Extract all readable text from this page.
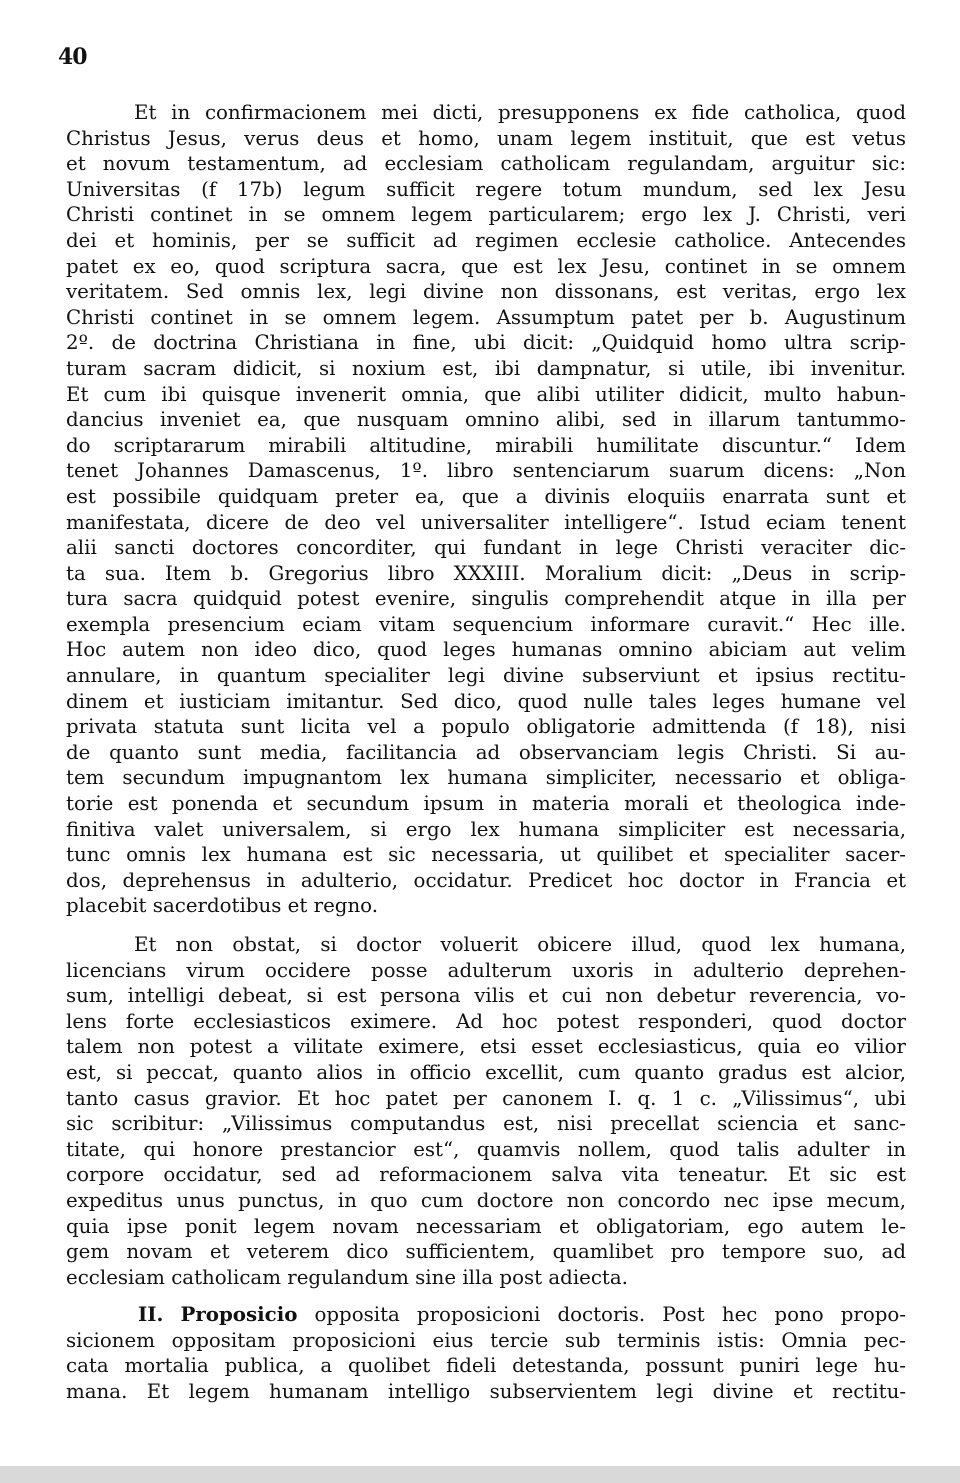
40
Et in confirmacionem mei dicti, presupponens ex fide catholica, quod
Christus Jesus, verus deus et homo, unam legem instituit, que est vetus
et novum testamentum, ad ecclesiam catholicam regulandam, arguitur sic:
Universitas (f 17b) legum sufficit regere totum mundum, sed lex Jesu
Christi continet in se omnem legem particularem; ergo lex J. Christi, veri
dei et hominis, per se sufficit ad regimen ecclesie catholice. Antecendes
patet ex eo, quod scriptura sacra, que est lex Jesu, continet in se omnem
veritatem. Sed omnis lex, legi divine non dissonans, est veritas, ergo lex
Christi continet in se omnem legem. Assumptum patet per b. Augustinum
2º. de doctrina Christiana in fine, ubi dicit: „Quidquid homo ultra scrip-
turam sacram didicit, si noxium est, ibi dampnatur, si utile, ibi invenitur.
Et cum ibi quisque invenerit omnia, que alibi utiliter didicit, multo habun-
dancius inveniet ea, que nusquam omnino alibi, sed in illarum tantummo-
do scriptararum mirabili altitudine, mirabili humilitate discuntur.“ Idem
tenet Johannes Damascenus, 1º. libro sentenciarum suarum dicens: „Non
est possibile quidquam preter ea, que a divinis eloquiis enarrata sunt et
manifestata, dicere de deo vel universaliter intelligere“. Istud eciam tenent
alii sancti doctores concorditer, qui fundant in lege Christi veraciter dic-
ta sua. Item b. Gregorius libro XXXIII. Moralium dicit: „Deus in scrip-
tura sacra quidquid potest evenire, singulis comprehendit atque in illa per
exempla presencium eciam vitam sequencium informare curavit.“ Hec ille.
Hoc autem non ideo dico, quod leges humanas omnino abiciam aut velim
annulare, in quantum specialiter legi divine subserviunt et ipsius rectitu-
dinem et iusticiam imitantur. Sed dico, quod nulle tales leges humane vel
privata statuta sunt licita vel a populo obligatorie admittenda (f 18), nisi
de quanto sunt media, facilitancia ad observanciam legis Christi. Si au-
tem secundum impugnantom lex humana simpliciter, necessario et obliga-
torie est ponenda et secundum ipsum in materia morali et theologica inde-
finitiva valet universalem, si ergo lex humana simpliciter est necessaria,
tunc omnis lex humana est sic necessaria, ut quilibet et specialiter sacer-
dos, deprehensus in adulterio, occidatur. Predicet hoc doctor in Francia et
placebit sacerdotibus et regno.
Et non obstat, si doctor voluerit obicere illud, quod lex humana,
licencians virum occidere posse adulterum uxoris in adulterio deprehen-
sum, intelligi debeat, si est persona vilis et cui non debetur reverencia, vo-
lens forte ecclesiasticos eximere. Ad hoc potest responderi, quod doctor
talem non potest a vilitate eximere, etsi esset ecclesiasticus, quia eo vilior
est, si peccat, quanto alios in officio excellit, cum quanto gradus est alcior,
tanto casus gravior. Et hoc patet per canonem I. q. 1 c. „Vilissimus“, ubi
sic scribitur: „Vilissimus computandus est, nisi precellat sciencia et sanc-
titate, qui honore prestancior est“, quamvis nollem, quod talis adulter in
corpore occidatur, sed ad reformacionem salva vita teneatur. Et sic est
expeditus unus punctus, in quo cum doctore non concordo nec ipse mecum,
quia ipse ponit legem novam necessariam et obligatoriam, ego autem le-
gem novam et veterem dico sufficientem, quamlibet pro tempore suo, ad
ecclesiam catholicam regulandum sine illa post adiecta.
II. Proposicio opposita proposicioni doctoris. Post hec pono propo-
sicionem oppositam proposicioni eius tercie sub terminis istis: Omnia pec-
cata mortalia publica, a quolibet fideli detestanda, possunt puniri lege hu-
mana. Et legem humanam intelligo subservientem legi divine et rectitu-
